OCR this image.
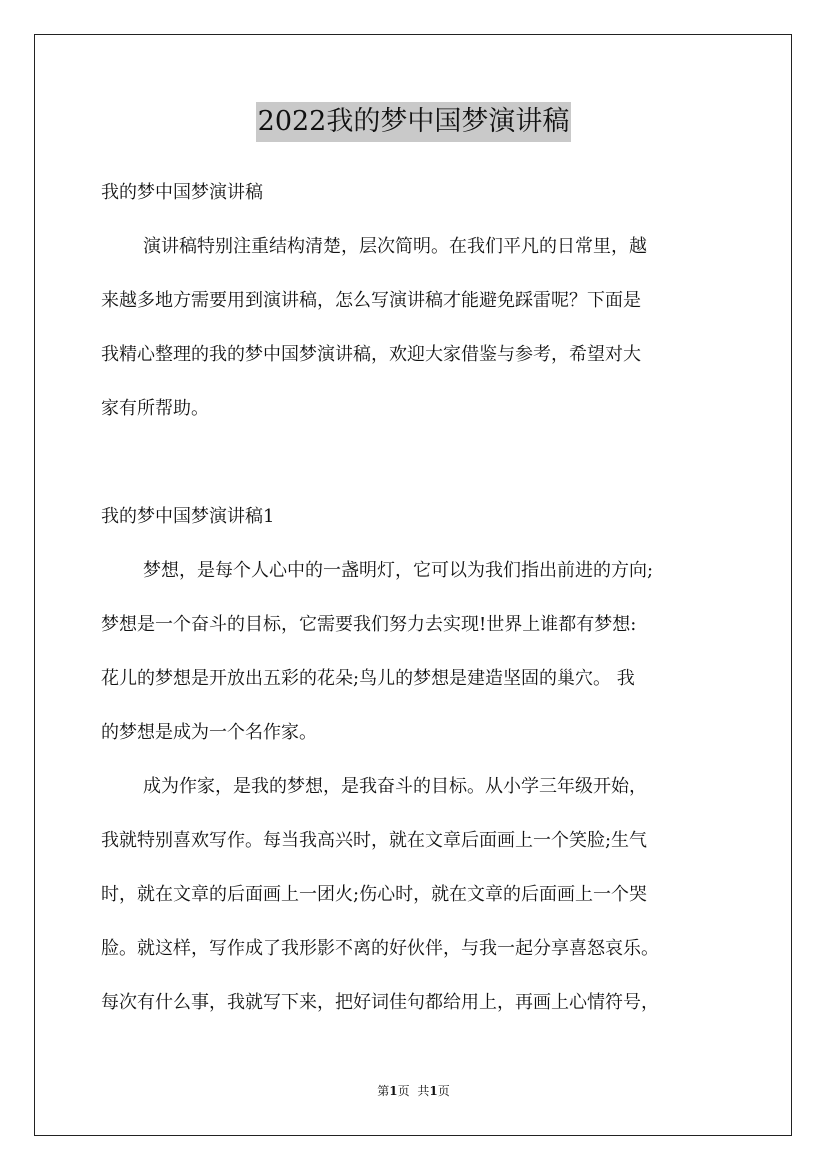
2022我的梦中国梦演讲稿
我的梦中国梦演讲稿
演讲稿特别注重结构清楚，层次简明。在我们平凡的日常里，越
来越多地方需要用到演讲稿，怎么写演讲稿才能避免踩雷呢？下面是
我精心整理的我的梦中国梦演讲稿，欢迎大家借鉴与参考，希望对大
家有所帮助。
我的梦中国梦演讲稿1
梦想，是每个人心中的一盏明灯，它可以为我们指出前进的方向;
梦想是一个奋斗的目标，它需要我们努力去实现!世界上谁都有梦想:
花儿的梦想是开放出五彩的花朵;鸟儿的梦想是建造坚固的巢穴。 我
的梦想是成为一个名作家。
成为作家，是我的梦想，是我奋斗的目标。从小学三年级开始，
我就特别喜欢写作。每当我高兴时，就在文章后面画上一个笑脸;生气
时，就在文章的后面画上一团火;伤心时，就在文章的后面画上一个哭
脸。就这样，写作成了我形影不离的好伙伴，与我一起分享喜怒哀乐。
每次有什么事，我就写下来，把好词佳句都给用上，再画上心情符号，
第1页 共1页
